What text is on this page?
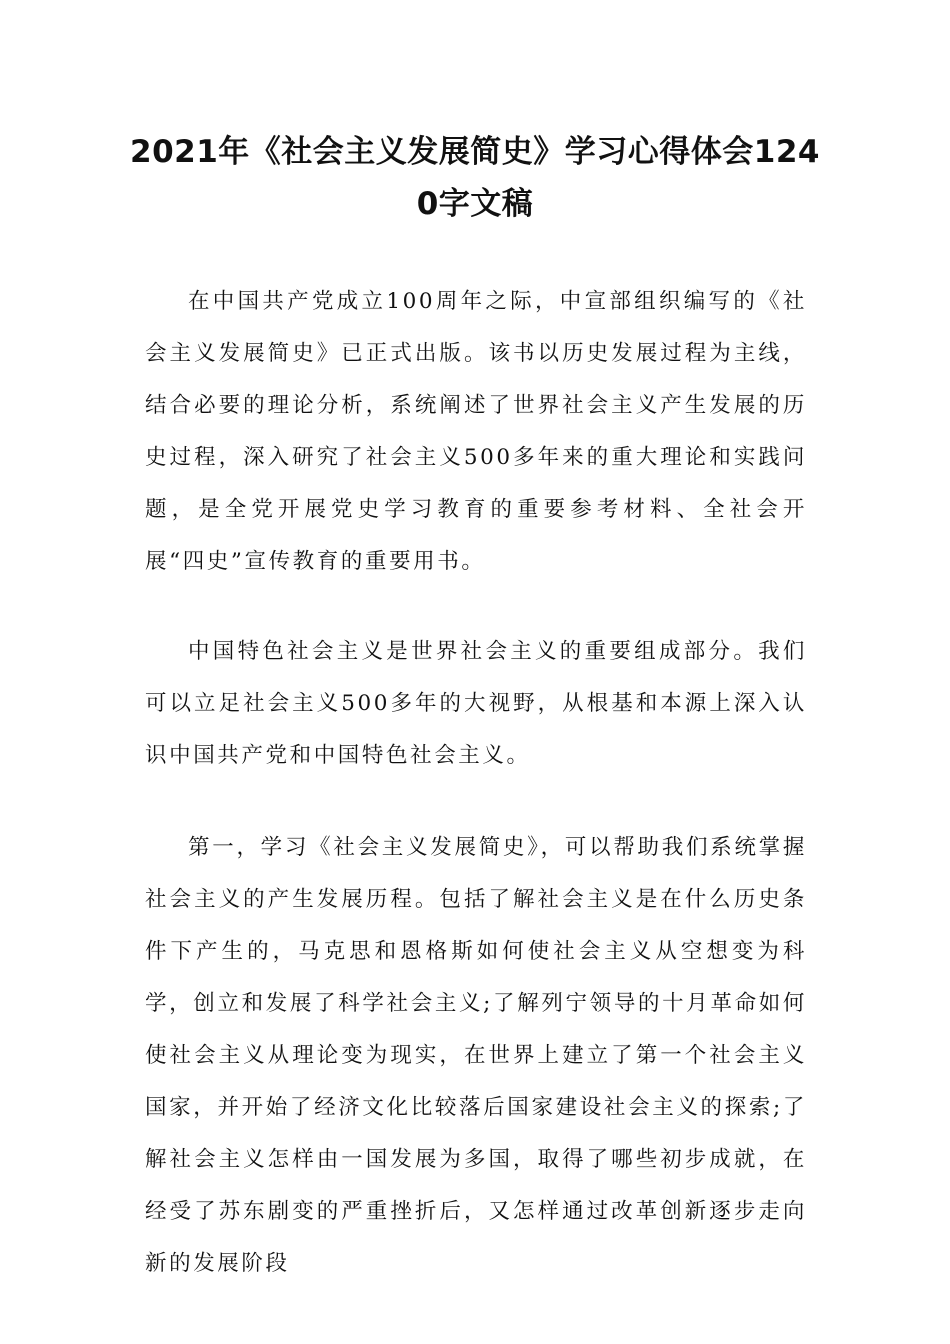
2021年《社会主义发展简史》学习心得体会1240字文稿

在中国共产党成立100周年之际，中宣部组织编写的《社会主义发展简史》已正式出版。该书以历史发展过程为主线，结合必要的理论分析，系统阐述了世界社会主义产生发展的历史过程，深入研究了社会主义500多年来的重大理论和实践问题，是全党开展党史学习教育的重要参考材料、全社会开展“四史”宣传教育的重要用书。

中国特色社会主义是世界社会主义的重要组成部分。我们可以立足社会主义500多年的大视野，从根基和本源上深入认识中国共产党和中国特色社会主义。

第一，学习《社会主义发展简史》，可以帮助我们系统掌握社会主义的产生发展历程。包括了解社会主义是在什么历史条件下产生的，马克思和恩格斯如何使社会主义从空想变为科学，创立和发展了科学社会主义;了解列宁领导的十月革命如何使社会主义从理论变为现实，在世界上建立了第一个社会主义国家，并开始了经济文化比较落后国家建设社会主义的探索;了解社会主义怎样由一国发展为多国，取得了哪些初步成就，在经受了苏东剧变的严重挫折后，又怎样通过改革创新逐步走向新的发展阶段
